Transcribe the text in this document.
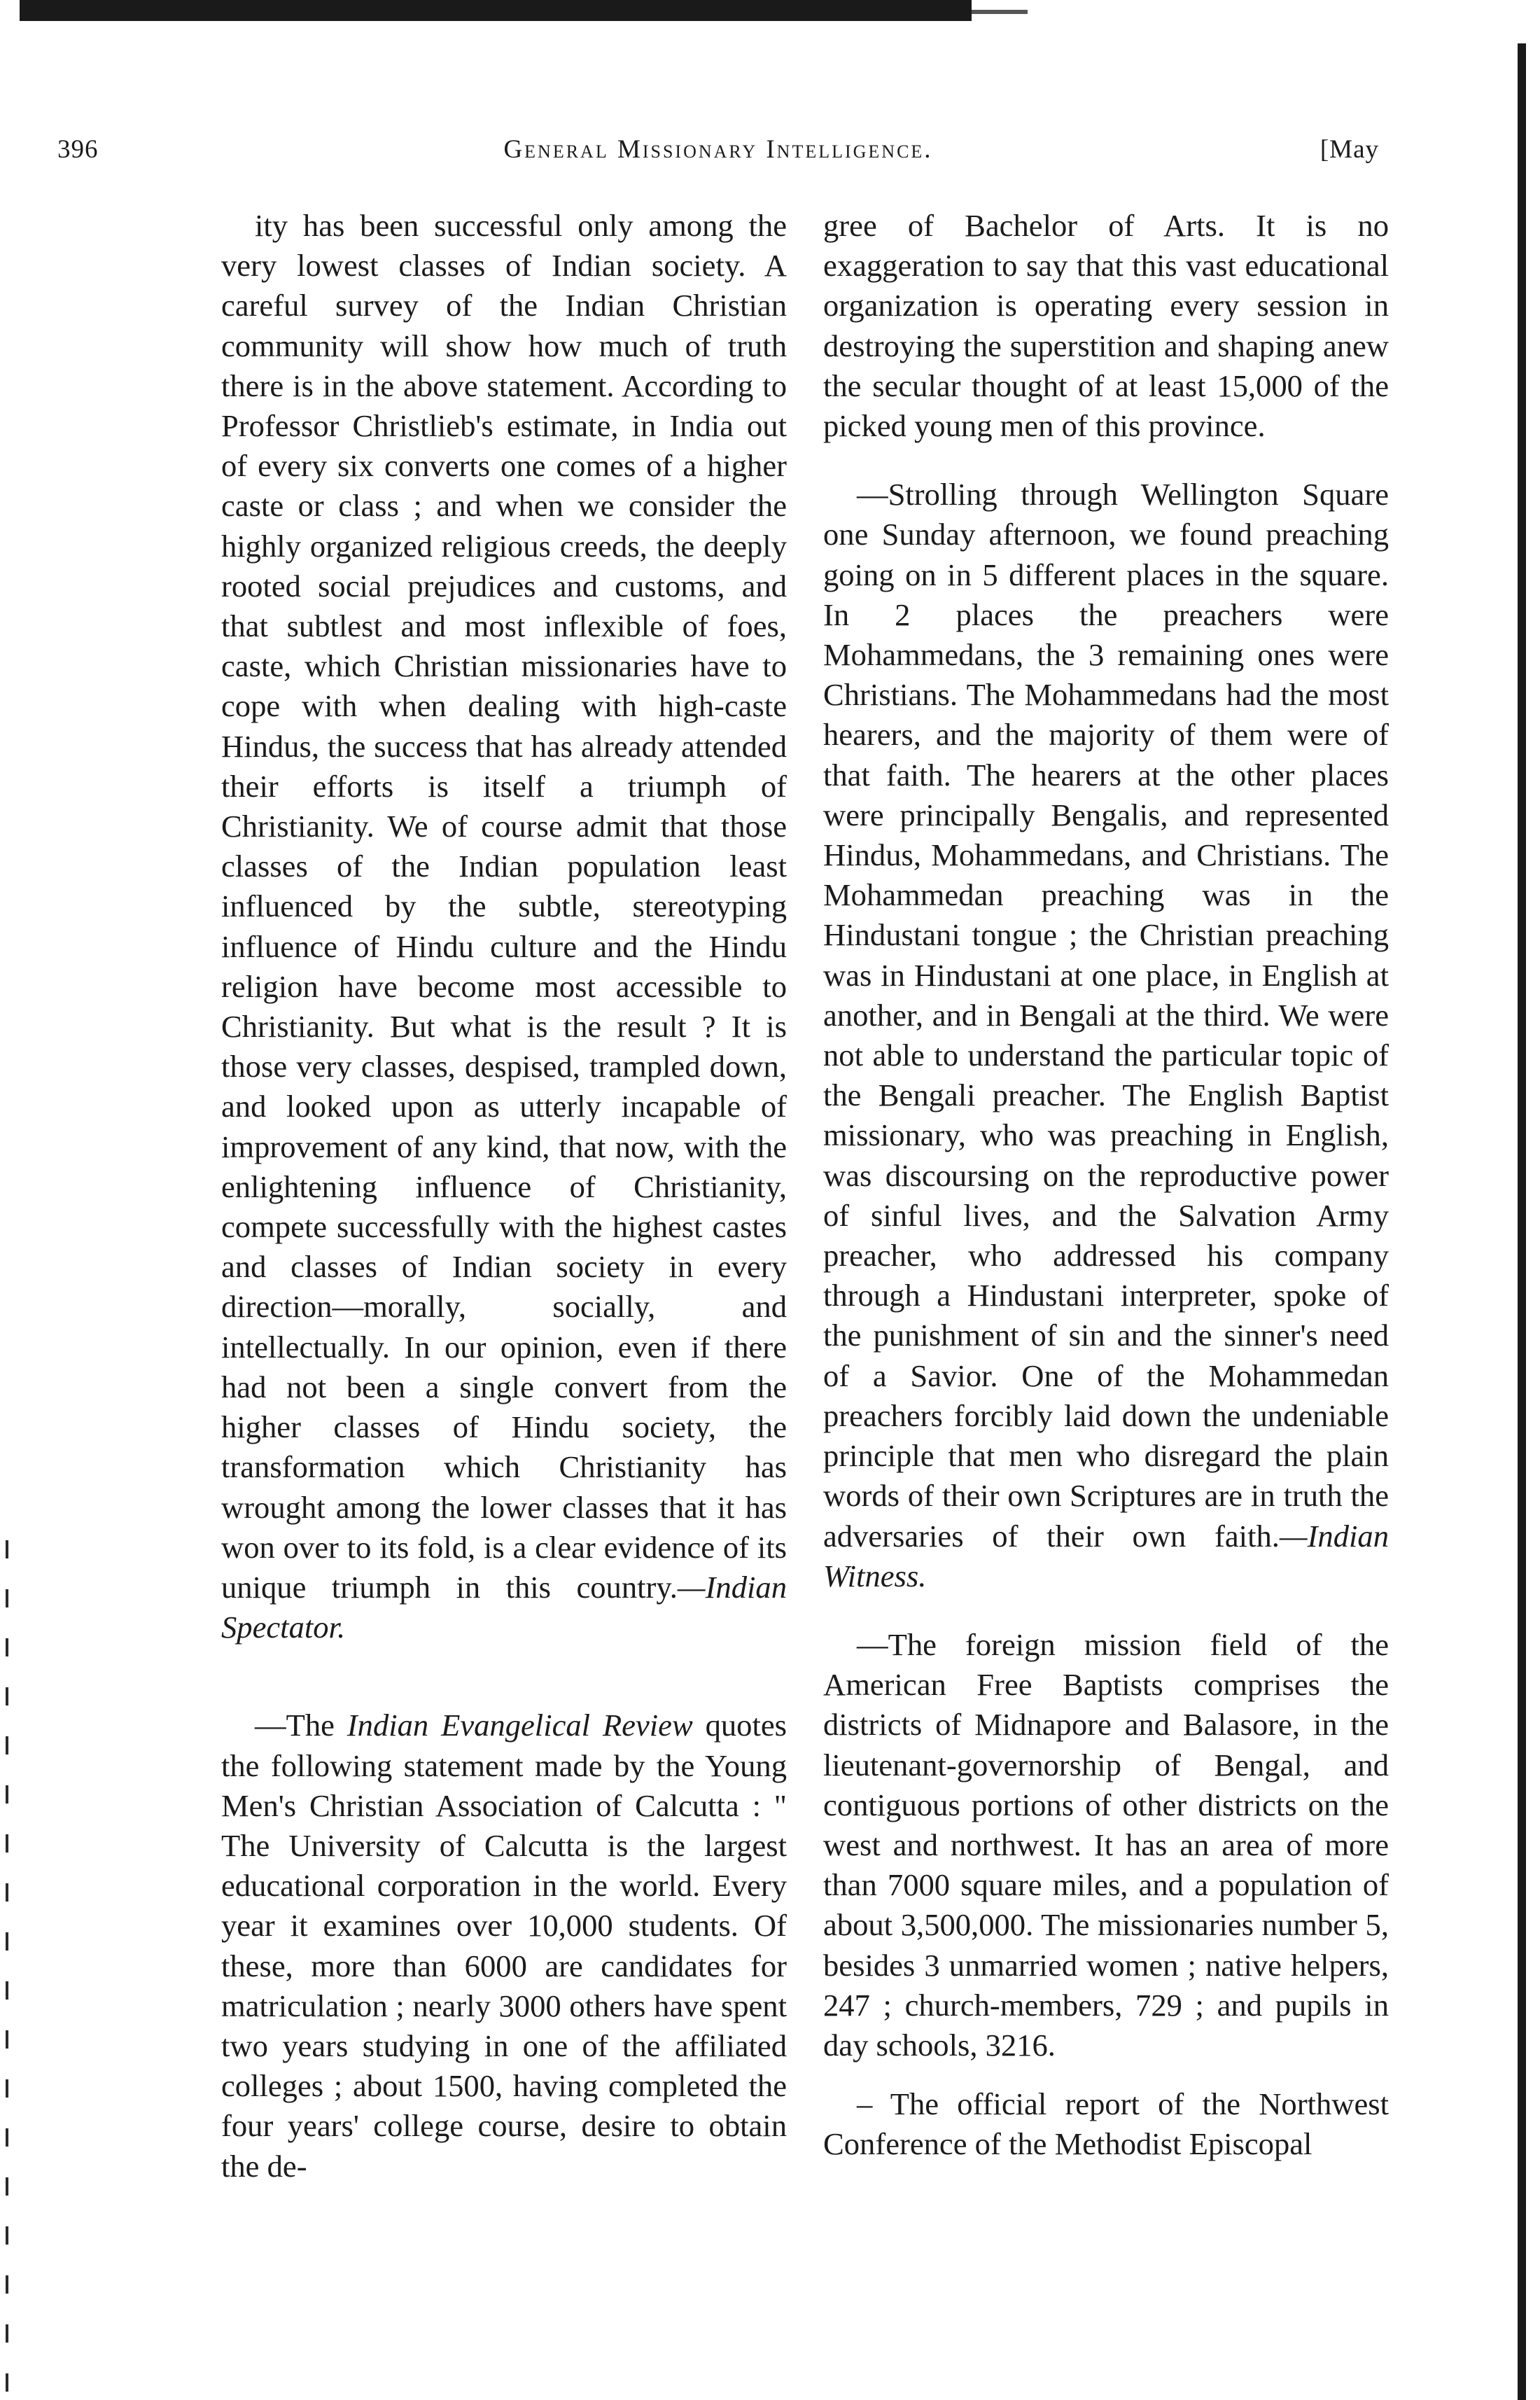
396	General Missionary Intelligence.	[May

ity has been successful only among the very lowest classes of Indian society. A careful survey of the Indian Christian community will show how much of truth there is in the above statement. According to Professor Christlieb's estimate, in India out of every six converts one comes of a higher caste or class ; and when we consider the highly organized religious creeds, the deeply rooted social prejudices and customs, and that subtlest and most inflexible of foes, caste, which Christian missionaries have to cope with when dealing with high-caste Hindus, the success that has already attended their efforts is itself a triumph of Christianity. We of course admit that those classes of the Indian population least influenced by the subtle, stereotyping influence of Hindu culture and the Hindu religion have become most accessible to Christianity. But what is the result ? It is those very classes, despised, trampled down, and looked upon as utterly incapable of improvement of any kind, that now, with the enlightening influence of Christianity, compete successfully with the highest castes and classes of Indian society in every direction—morally, socially, and intellectually. In our opinion, even if there had not been a single convert from the higher classes of Hindu society, the transformation which Christianity has wrought among the lower classes that it has won over to its fold, is a clear evidence of its unique triumph in this country.—Indian Spectator.

—The Indian Evangelical Review quotes the following statement made by the Young Men's Christian Association of Calcutta : " The University of Calcutta is the largest educational corporation in the world. Every year it examines over 10,000 students. Of these, more than 6000 are candidates for matriculation ; nearly 3000 others have spent two years studying in one of the affiliated colleges ; about 1500, having completed the four years' college course, desire to obtain the de-

gree of Bachelor of Arts. It is no exaggeration to say that this vast educational organization is operating every session in destroying the superstition and shaping anew the secular thought of at least 15,000 of the picked young men of this province.

—Strolling through Wellington Square one Sunday afternoon, we found preaching going on in 5 different places in the square. In 2 places the preachers were Mohammedans, the 3 remaining ones were Christians. The Mohammedans had the most hearers, and the majority of them were of that faith. The hearers at the other places were principally Bengalis, and represented Hindus, Mohammedans, and Christians. The Mohammedan preaching was in the Hindustani tongue ; the Christian preaching was in Hindustani at one place, in English at another, and in Bengali at the third. We were not able to understand the particular topic of the Bengali preacher. The English Baptist missionary, who was preaching in English, was discoursing on the reproductive power of sinful lives, and the Salvation Army preacher, who addressed his company through a Hindustani interpreter, spoke of the punishment of sin and the sinner's need of a Savior. One of the Mohammedan preachers forcibly laid down the undeniable principle that men who disregard the plain words of their own Scriptures are in truth the adversaries of their own faith.—Indian Witness.

—The foreign mission field of the American Free Baptists comprises the districts of Midnapore and Balasore, in the lieutenant-governorship of Bengal, and contiguous portions of other districts on the west and northwest. It has an area of more than 7000 square miles, and a population of about 3,500,000. The missionaries number 5, besides 3 unmarried women ; native helpers, 247 ; church-members, 729 ; and pupils in day schools, 3216.

– The official report of the Northwest Conference of the Methodist Episcopal
